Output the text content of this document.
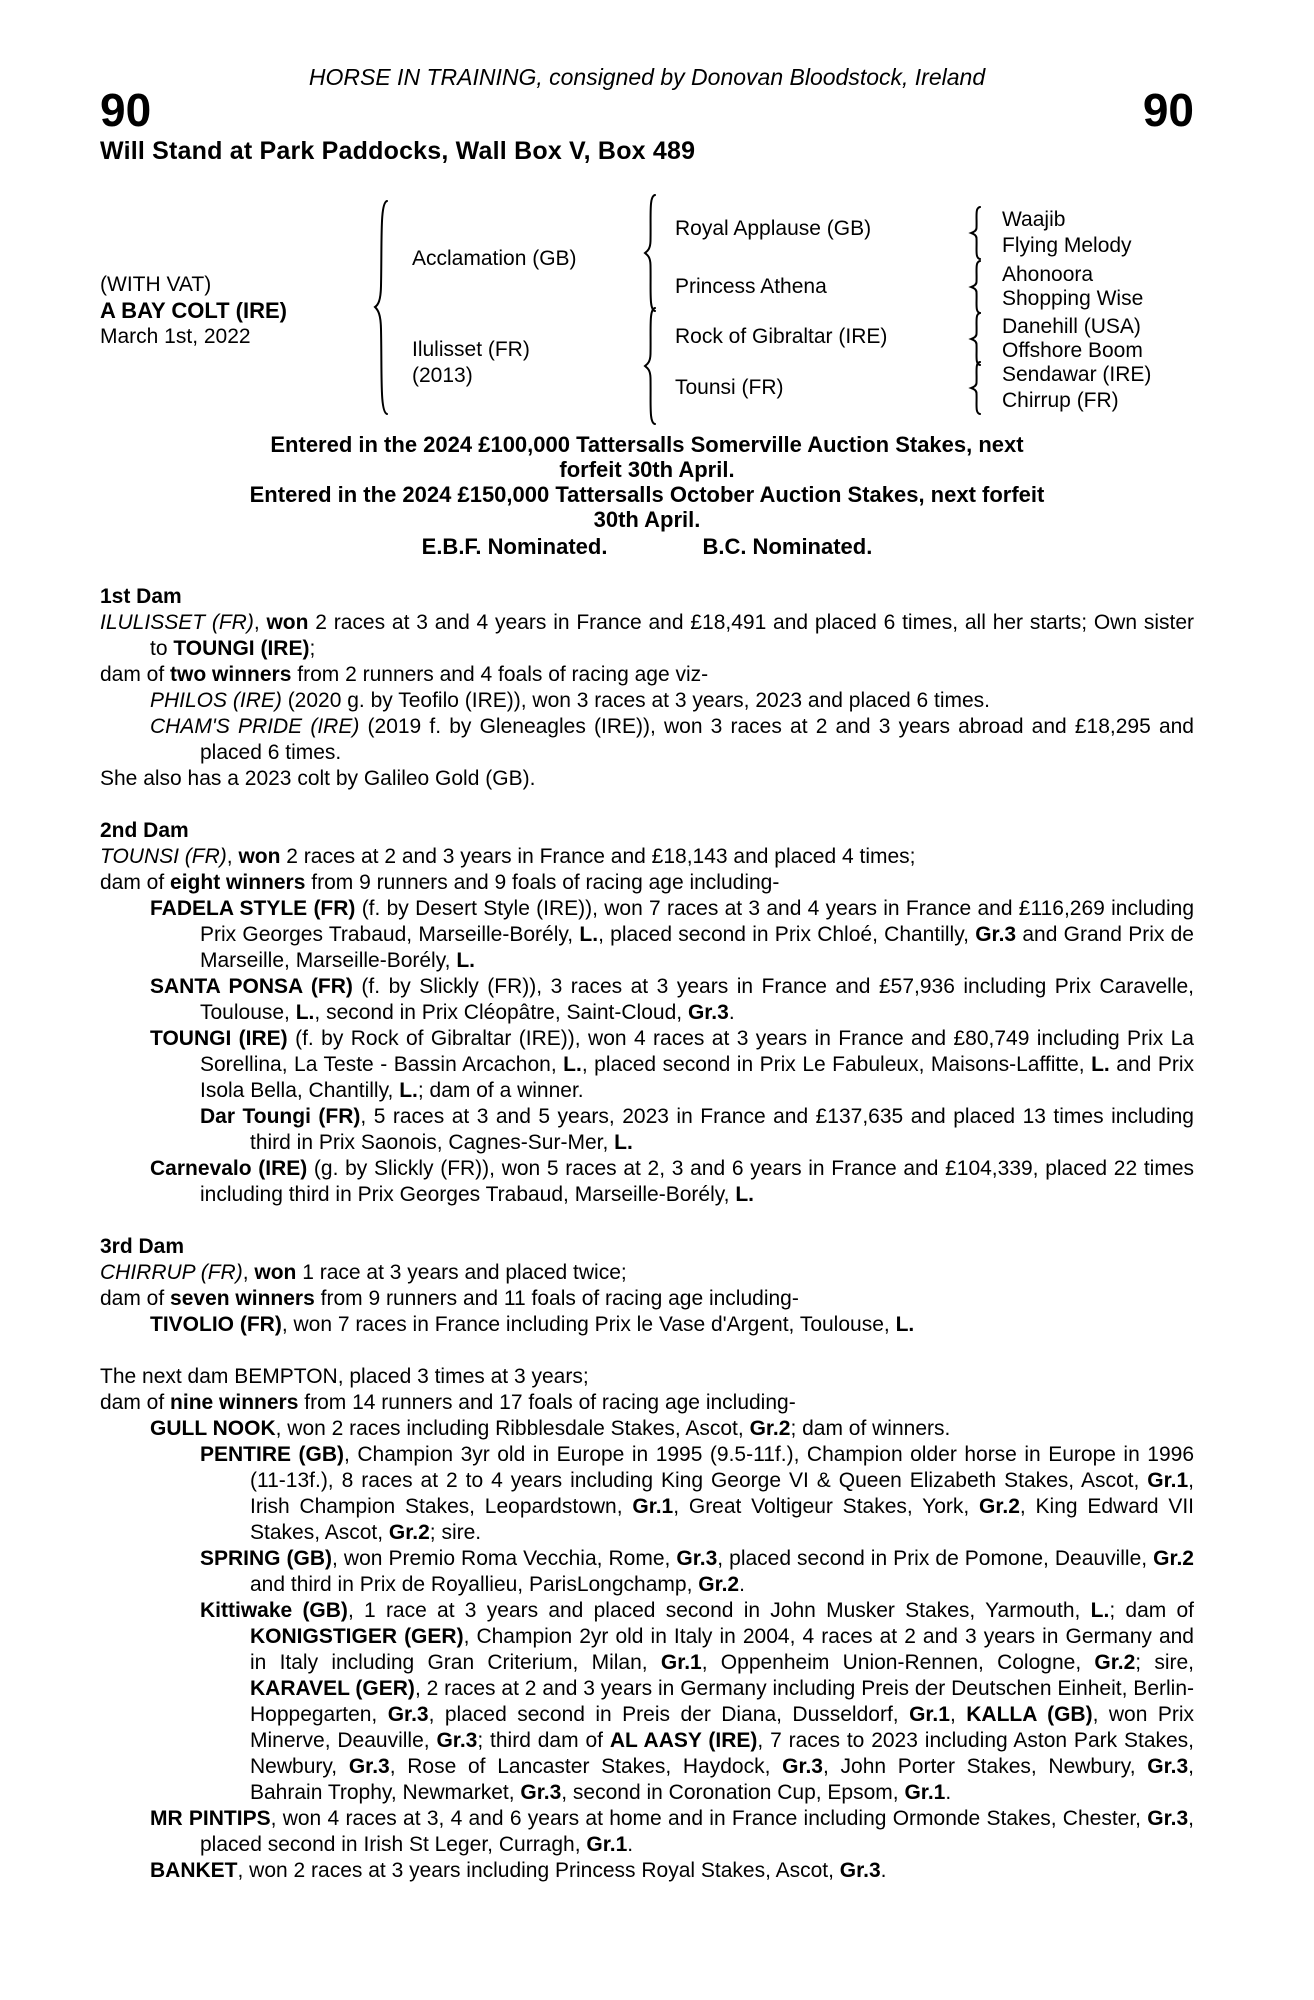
HORSE IN TRAINING, consigned by Donovan Bloodstock, Ireland
90	90
Will Stand at Park Paddocks, Wall Box V, Box 489
(WITH VAT)
A BAY COLT (IRE)
March 1st, 2022
Acclamation (GB)
Ilulisset (FR)
(2013)
Royal Applause (GB)
Princess Athena
Rock of Gibraltar (IRE)
Tounsi (FR)
Waajib
Flying Melody
Ahonoora
Shopping Wise
Danehill (USA)
Offshore Boom
Sendawar (IRE)
Chirrup (FR)
Entered in the 2024 £100,000 Tattersalls Somerville Auction Stakes, next
forfeit 30th April.
Entered in the 2024 £150,000 Tattersalls October Auction Stakes, next forfeit
30th April.
E.B.F. Nominated.	B.C. Nominated.
1st Dam
ILULISSET (FR), won 2 races at 3 and 4 years in France and £18,491 and placed 6 times, all her starts; Own sister to TOUNGI (IRE);
dam of two winners from 2 runners and 4 foals of racing age viz-
PHILOS (IRE) (2020 g. by Teofilo (IRE)), won 3 races at 3 years, 2023 and placed 6 times.
CHAM'S PRIDE (IRE) (2019 f. by Gleneagles (IRE)), won 3 races at 2 and 3 years abroad and £18,295 and placed 6 times.
She also has a 2023 colt by Galileo Gold (GB).
2nd Dam
TOUNSI (FR), won 2 races at 2 and 3 years in France and £18,143 and placed 4 times;
dam of eight winners from 9 runners and 9 foals of racing age including-
FADELA STYLE (FR) (f. by Desert Style (IRE)), won 7 races at 3 and 4 years in France and £116,269 including Prix Georges Trabaud, Marseille-Borély, L., placed second in Prix Chloé, Chantilly, Gr.3 and Grand Prix de Marseille, Marseille-Borély, L.
SANTA PONSA (FR) (f. by Slickly (FR)), 3 races at 3 years in France and £57,936 including Prix Caravelle, Toulouse, L., second in Prix Cléopâtre, Saint-Cloud, Gr.3.
TOUNGI (IRE) (f. by Rock of Gibraltar (IRE)), won 4 races at 3 years in France and £80,749 including Prix La Sorellina, La Teste - Bassin Arcachon, L., placed second in Prix Le Fabuleux, Maisons-Laffitte, L. and Prix Isola Bella, Chantilly, L.; dam of a winner.
Dar Toungi (FR), 5 races at 3 and 5 years, 2023 in France and £137,635 and placed 13 times including third in Prix Saonois, Cagnes-Sur-Mer, L.
Carnevalo (IRE) (g. by Slickly (FR)), won 5 races at 2, 3 and 6 years in France and £104,339, placed 22 times including third in Prix Georges Trabaud, Marseille-Borély, L.
3rd Dam
CHIRRUP (FR), won 1 race at 3 years and placed twice;
dam of seven winners from 9 runners and 11 foals of racing age including-
TIVOLIO (FR), won 7 races in France including Prix le Vase d'Argent, Toulouse, L.
The next dam BEMPTON, placed 3 times at 3 years;
dam of nine winners from 14 runners and 17 foals of racing age including-
GULL NOOK, won 2 races including Ribblesdale Stakes, Ascot, Gr.2; dam of winners.
PENTIRE (GB), Champion 3yr old in Europe in 1995 (9.5-11f.), Champion older horse in Europe in 1996 (11-13f.), 8 races at 2 to 4 years including King George VI & Queen Elizabeth Stakes, Ascot, Gr.1, Irish Champion Stakes, Leopardstown, Gr.1, Great Voltigeur Stakes, York, Gr.2, King Edward VII Stakes, Ascot, Gr.2; sire.
SPRING (GB), won Premio Roma Vecchia, Rome, Gr.3, placed second in Prix de Pomone, Deauville, Gr.2 and third in Prix de Royallieu, ParisLongchamp, Gr.2.
Kittiwake (GB), 1 race at 3 years and placed second in John Musker Stakes, Yarmouth, L.; dam of KONIGSTIGER (GER), Champion 2yr old in Italy in 2004, 4 races at 2 and 3 years in Germany and in Italy including Gran Criterium, Milan, Gr.1, Oppenheim Union-Rennen, Cologne, Gr.2; sire, KARAVEL (GER), 2 races at 2 and 3 years in Germany including Preis der Deutschen Einheit, Berlin-Hoppegarten, Gr.3, placed second in Preis der Diana, Dusseldorf, Gr.1, KALLA (GB), won Prix Minerve, Deauville, Gr.3; third dam of AL AASY (IRE), 7 races to 2023 including Aston Park Stakes, Newbury, Gr.3, Rose of Lancaster Stakes, Haydock, Gr.3, John Porter Stakes, Newbury, Gr.3, Bahrain Trophy, Newmarket, Gr.3, second in Coronation Cup, Epsom, Gr.1.
MR PINTIPS, won 4 races at 3, 4 and 6 years at home and in France including Ormonde Stakes, Chester, Gr.3, placed second in Irish St Leger, Curragh, Gr.1.
BANKET, won 2 races at 3 years including Princess Royal Stakes, Ascot, Gr.3.
